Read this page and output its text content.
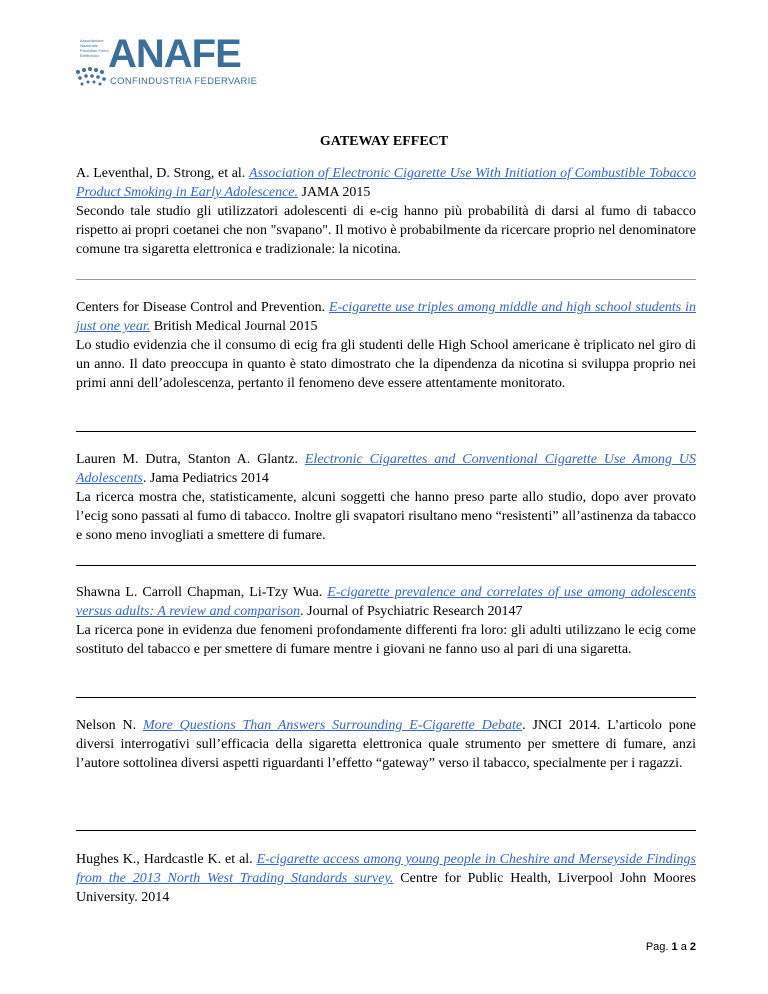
Associazione Nazionale Produttori Fumo Elettronico ANAFE
CONFINDUSTRIA FEDERVARIE
GATEWAY EFFECT

A. Leventhal, D. Strong, et al. Association of Electronic Cigarette Use With Initiation of Combustible Tobacco Product Smoking in Early Adolescence. JAMA 2015

Secondo tale studio gli utilizzatori adolescenti di e-cig hanno più probabilità di darsi al fumo di tabacco rispetto ai propri coetanei che non "svapano". Il motivo è probabilmente da ricercare proprio nel denominatore comune tra sigaretta elettronica e tradizionale: la nicotina.

Centers for Disease Control and Prevention. E-cigarette use triples among middle and high school students in just one year. British Medical Journal 2015

Lo studio evidenzia che il consumo di ecig fra gli studenti delle High School americane è triplicato nel giro di un anno. Il dato preoccupa in quanto è stato dimostrato che la dipendenza da nicotina si sviluppa proprio nei primi anni dell’adolescenza, pertanto il fenomeno deve essere attentamente monitorato.

Lauren M. Dutra, Stanton A. Glantz. Electronic Cigarettes and Conventional Cigarette Use Among US Adolescents. Jama Pediatrics 2014

La ricerca mostra che, statisticamente, alcuni soggetti che hanno preso parte allo studio, dopo aver provato l’ecig sono passati al fumo di tabacco. Inoltre gli svapatori risultano meno “resistenti” all’astinenza da tabacco e sono meno invogliati a smettere di fumare.

Shawna L. Carroll Chapman, Li-Tzy Wua. E-cigarette prevalence and correlates of use among adolescents versus adults: A review and comparison. Journal of Psychiatric Research 20147

La ricerca pone in evidenza due fenomeni profondamente differenti fra loro: gli adulti utilizzano le ecig come sostituto del tabacco e per smettere di fumare mentre i giovani ne fanno uso al pari di una sigaretta.

Nelson N. More Questions Than Answers Surrounding E-Cigarette Debate. JNCI 2014. L’articolo pone diversi interrogativi sull’efficacia della sigaretta elettronica quale strumento per smettere di fumare, anzi l’autore sottolinea diversi aspetti riguardanti l’effetto “gateway” verso il tabacco, specialmente per i ragazzi.

Hughes K., Hardcastle K. et al. E-cigarette access among young people in Cheshire and Merseyside Findings from the 2013 North West Trading Standards survey. Centre for Public Health, Liverpool John Moores University. 2014

Pag. 1 a 2
